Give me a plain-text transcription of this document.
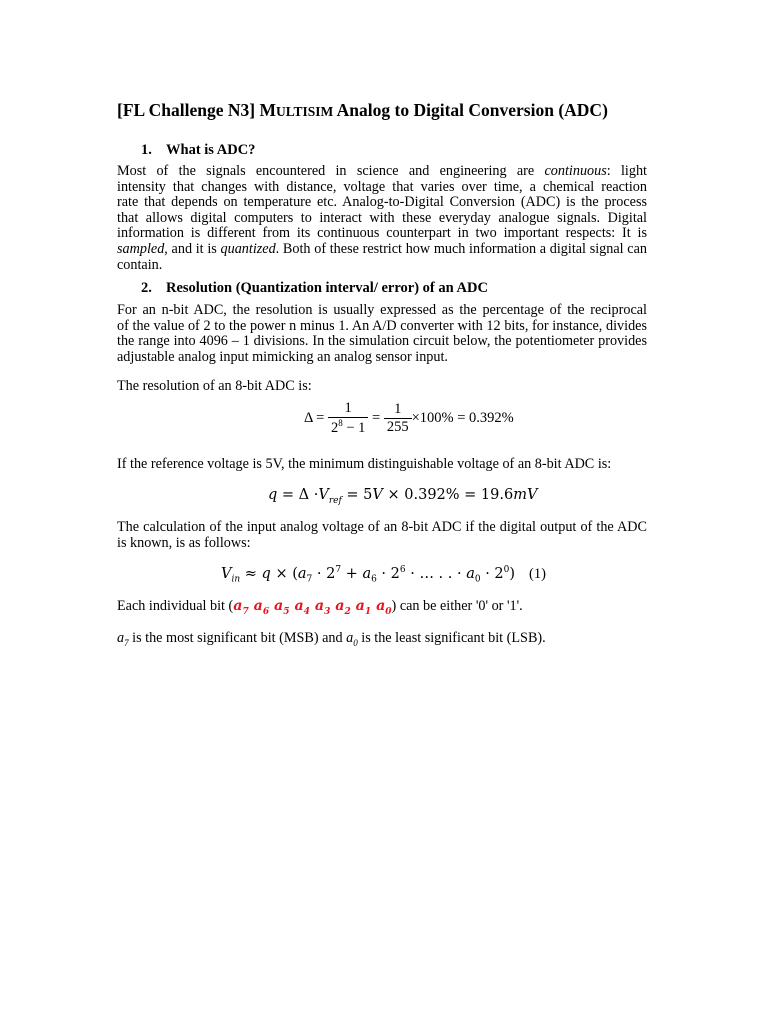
[FL Challenge N3] MULTISIM Analog to Digital Conversion (ADC)
1. What is ADC?
Most of the signals encountered in science and engineering are continuous: light
intensity that changes with distance, voltage that varies over time, a chemical reaction
rate that depends on temperature etc. Analog-to-Digital Conversion (ADC) is the process
that allows digital computers to interact with these everyday analogue signals. Digital
information is different from its continuous counterpart in two important respects: It is
sampled, and it is quantized. Both of these restrict how much information a digital signal can
contain.
2. Resolution (Quantization interval/ error) of an ADC
For an n-bit ADC, the resolution is usually expressed as the percentage of the reciprocal
of the value of 2 to the power n minus 1. An A/D converter with 12 bits, for instance, divides
the range into 4096 – 1 divisions. In the simulation circuit below, the potentiometer provides
adjustable analog input mimicking an analog sensor input.
The resolution of an 8-bit ADC is:
$\Delta = \frac{1}{2^8 - 1} = \frac{1}{255} \times 100\% = 0.392\%$
If the reference voltage is 5V, the minimum distinguishable voltage of an 8-bit ADC is:
$q = \Delta \cdot V_{ref} = 5V \times 0.392\% = 19.6mV$
The calculation of the input analog voltage of an 8-bit ADC if the digital output of the ADC
is known, is as follows:
$V_{in} \approx q \times (a_7 \cdot 2^7 + a_6 \cdot 2^6$ · … . . · $a_0 \cdot 2^0$) (1)
Each individual bit ($a_7$ $a_6$ $a_5$ $a_4$ $a_3$ $a_2$ $a_1$ $a_0$) can be either '0' or '1'.
$a_7$ is the most significant bit (MSB) and $a_0$ is the least significant bit (LSB).
